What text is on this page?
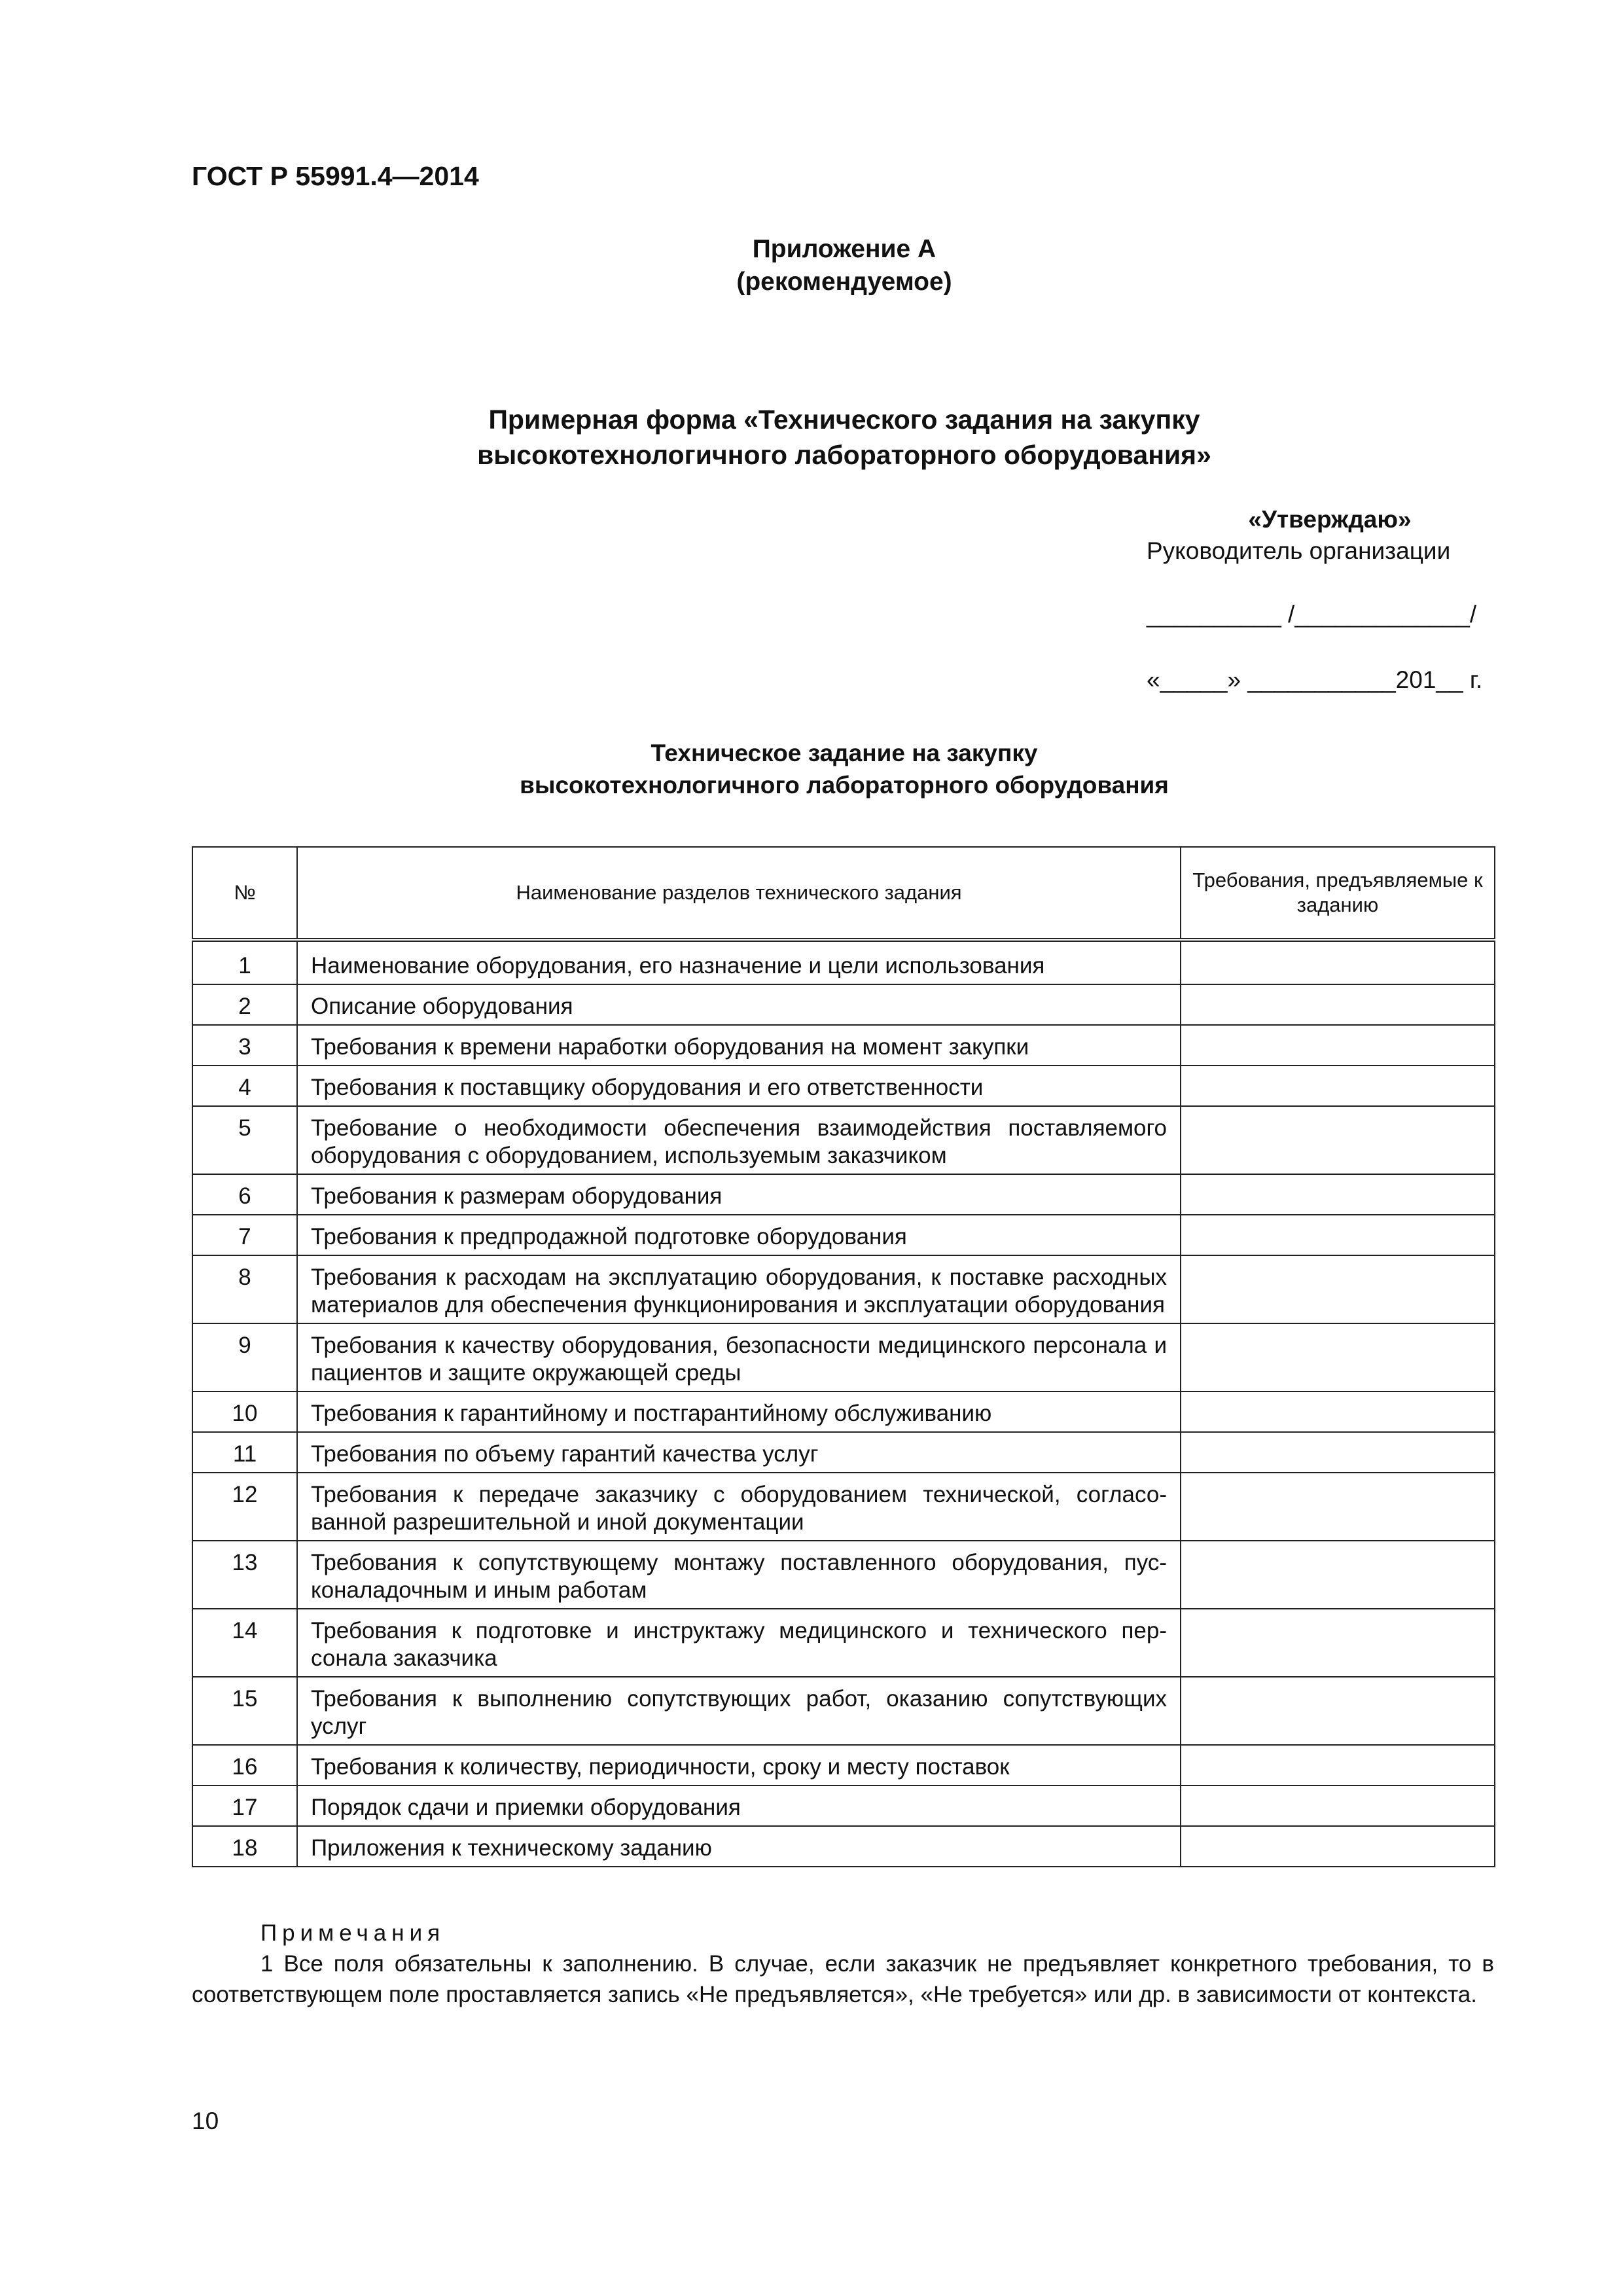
ГОСТ Р 55991.4—2014
Приложение А
(рекомендуемое)
Примерная форма «Технического задания на закупку
высокотехнологичного лабораторного оборудования»
«Утверждаю»
Руководитель организации
__________ /_____________/
«_____» ___________201__ г.
Техническое задание на закупку
высокотехнологичного лабораторного оборудования
№	Наименование разделов технического задания	Требования, предъявляемые к заданию
1	Наименование оборудования, его назначение и цели использования	
2	Описание оборудования	
3	Требования к времени наработки оборудования на момент закупки	
4	Требования к поставщику оборудования и его ответственности	
5	Требование о необходимости обеспечения взаимодействия поставляемого оборудования с оборудованием, используемым заказчиком	
6	Требования к размерам оборудования	
7	Требования к предпродажной подготовке оборудования	
8	Требования к расходам на эксплуатацию оборудования, к поставке расходных материалов для обеспечения функционирования и эксплуатации оборудования	
9	Требования к качеству оборудования, безопасности медицинского персонала и пациентов и защите окружающей среды	
10	Требования к гарантийному и постгарантийному обслуживанию	
11	Требования по объему гарантий качества услуг	
12	Требования к передаче заказчику с оборудованием технической, согласованной разрешительной и иной документации	
13	Требования к сопутствующему монтажу поставленного оборудования, пусконаладочным и иным работам	
14	Требования к подготовке и инструктажу медицинского и технического персонала заказчика	
15	Требования к выполнению сопутствующих работ, оказанию сопутствующих услуг	
16	Требования к количеству, периодичности, сроку и месту поставок	
17	Порядок сдачи и приемки оборудования	
18	Приложения к техническому заданию	
Примечания
1 Все поля обязательны к заполнению. В случае, если заказчик не предъявляет конкретного требования, то в соответствующем поле проставляется запись «Не предъявляется», «Не требуется» или др. в зависимости от контекста.
10
